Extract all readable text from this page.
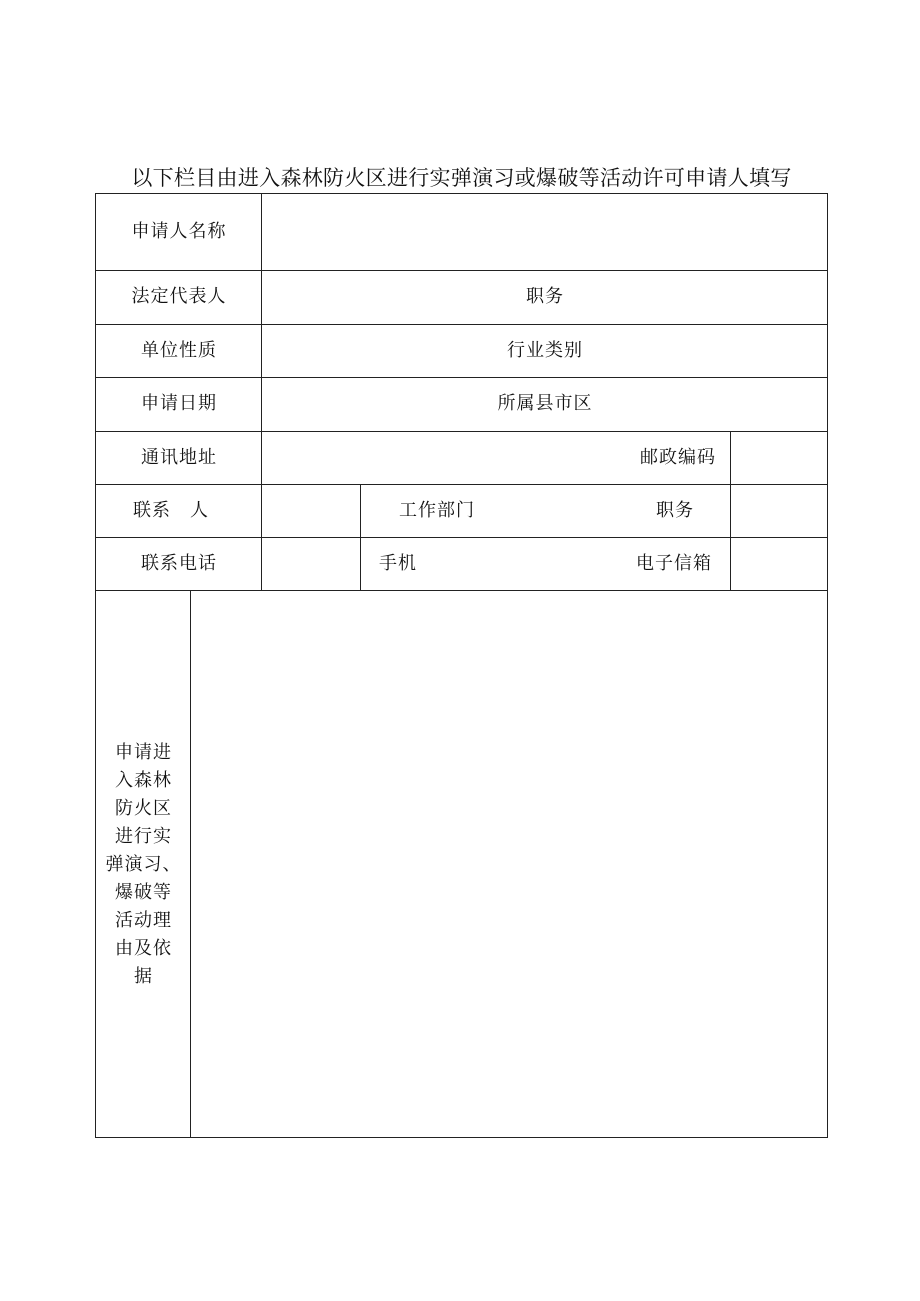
以下栏目由进入森林防火区进行实弹演习或爆破等活动许可申请人填写
申请人名称
法定代表人	职务
单位性质	行业类别
申请日期	所属县市区
通讯地址	邮政编码
联系　人	工作部门	职务
联系电话	手机	电子信箱
申请进
入森林
防火区
进行实
弹演习、
爆破等
活动理
由及依
据
